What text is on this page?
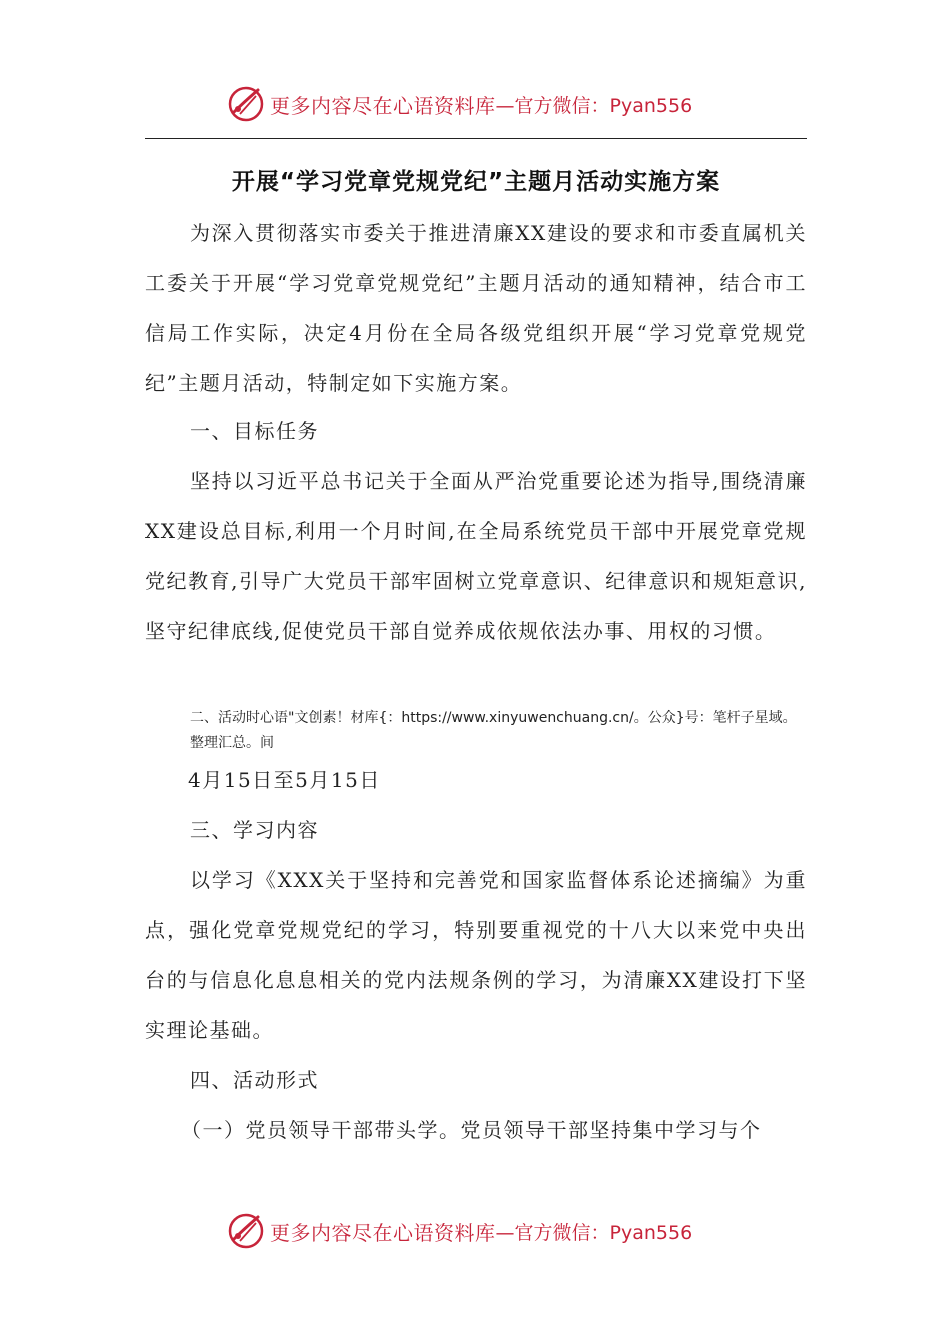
更多内容尽在心语资料库 —官方微信：Pyan556
开展“学习党章党规党纪”主题月活动实施方案
为深入贯彻落实市委关于推进清廉XX建设的要求和市委直属机关工委关于开展“学习党章党规党纪”主题月活动的通知精神，结合市工信局工作实际，决定4月份在全局各级党组织开展“学习党章党规党纪”主题月活动，特制定如下实施方案。
一、目标任务
坚持以习近平总书记关于全面从严治党重要论述为指导,围绕清廉XX建设总目标,利用一个月时间,在全局系统党员干部中开展党章党规党纪教育,引导广大党员干部牢固树立党章意识、纪律意识和规矩意识,坚守纪律底线,促使党员干部自觉养成依规依法办事、用权的习惯。
二、活动时心语"文创素！材库{：https://www.xinyuwenchuang.cn/。公众}号：笔杆子星域。整理汇总。间
4月15日至5月15日
三、学习内容
以学习《XXX关于坚持和完善党和国家监督体系论述摘编》为重点，强化党章党规党纪的学习，特别要重视党的十八大以来党中央出台的与信息化息息相关的党内法规条例的学习，为清廉XX建设打下坚实理论基础。
四、活动形式
（一）党员领导干部带头学。党员领导干部坚持集中学习与个
更多内容尽在心语资料库 —官方微信：Pyan556
